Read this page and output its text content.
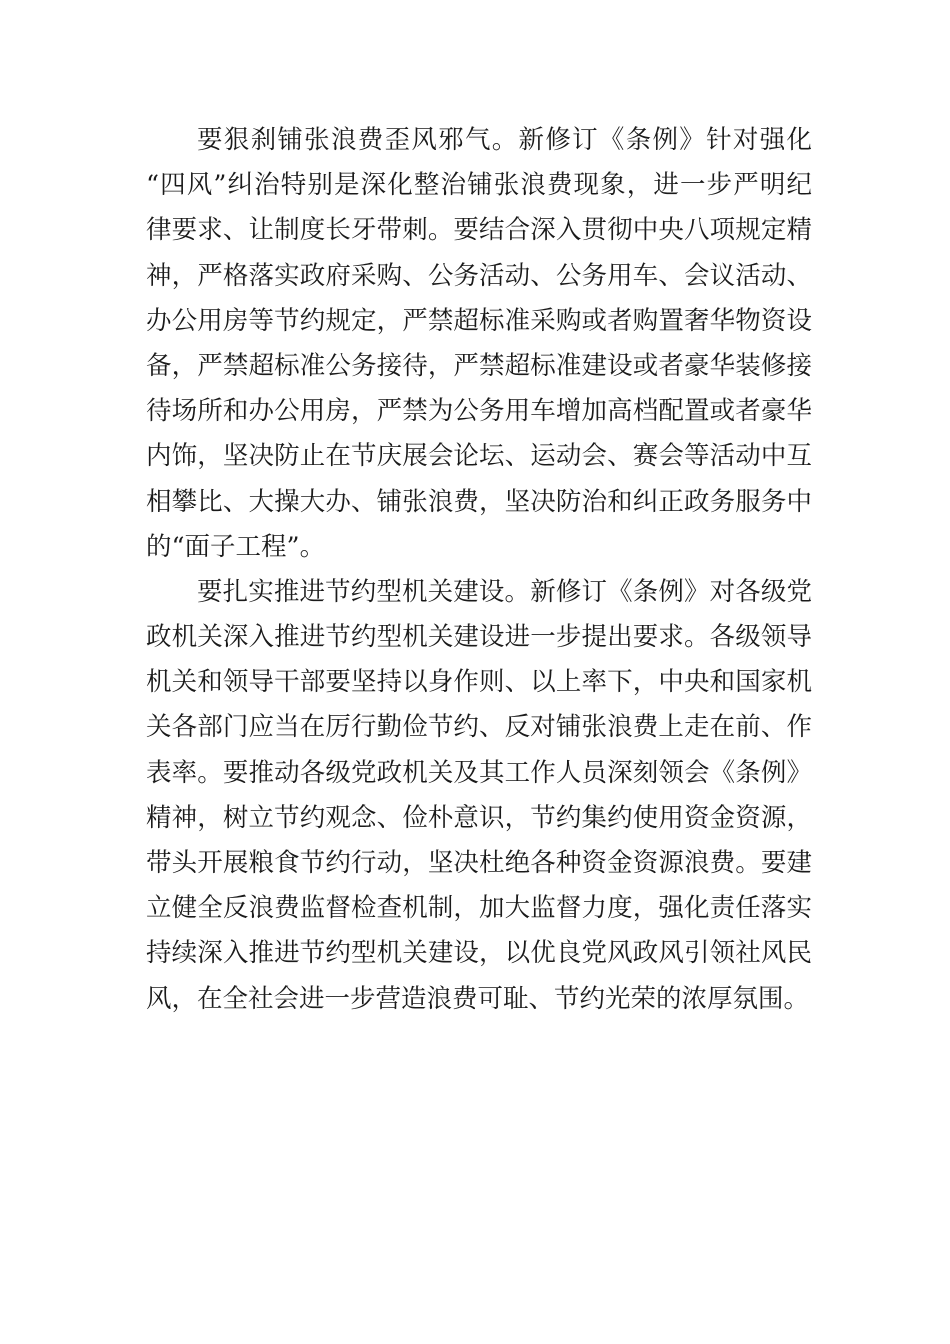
要狠刹铺张浪费歪风邪气。新修订《条例》针对强化
“四风”纠治特别是深化整治铺张浪费现象，进一步严明纪
律要求、让制度长牙带刺。要结合深入贯彻中央八项规定精
神，严格落实政府采购、公务活动、公务用车、会议活动、
办公用房等节约规定，严禁超标准采购或者购置奢华物资设
备，严禁超标准公务接待，严禁超标准建设或者豪华装修接
待场所和办公用房，严禁为公务用车增加高档配置或者豪华
内饰，坚决防止在节庆展会论坛、运动会、赛会等活动中互
相攀比、大操大办、铺张浪费，坚决防治和纠正政务服务中
的“面子工程”。
要扎实推进节约型机关建设。新修订《条例》对各级党
政机关深入推进节约型机关建设进一步提出要求。各级领导
机关和领导干部要坚持以身作则、以上率下，中央和国家机
关各部门应当在厉行勤俭节约、反对铺张浪费上走在前、作
表率。要推动各级党政机关及其工作人员深刻领会《条例》
精神，树立节约观念、俭朴意识，节约集约使用资金资源，
带头开展粮食节约行动，坚决杜绝各种资金资源浪费。要建
立健全反浪费监督检查机制，加大监督力度，强化责任落实
持续深入推进节约型机关建设，以优良党风政风引领社风民
风，在全社会进一步营造浪费可耻、节约光荣的浓厚氛围。
